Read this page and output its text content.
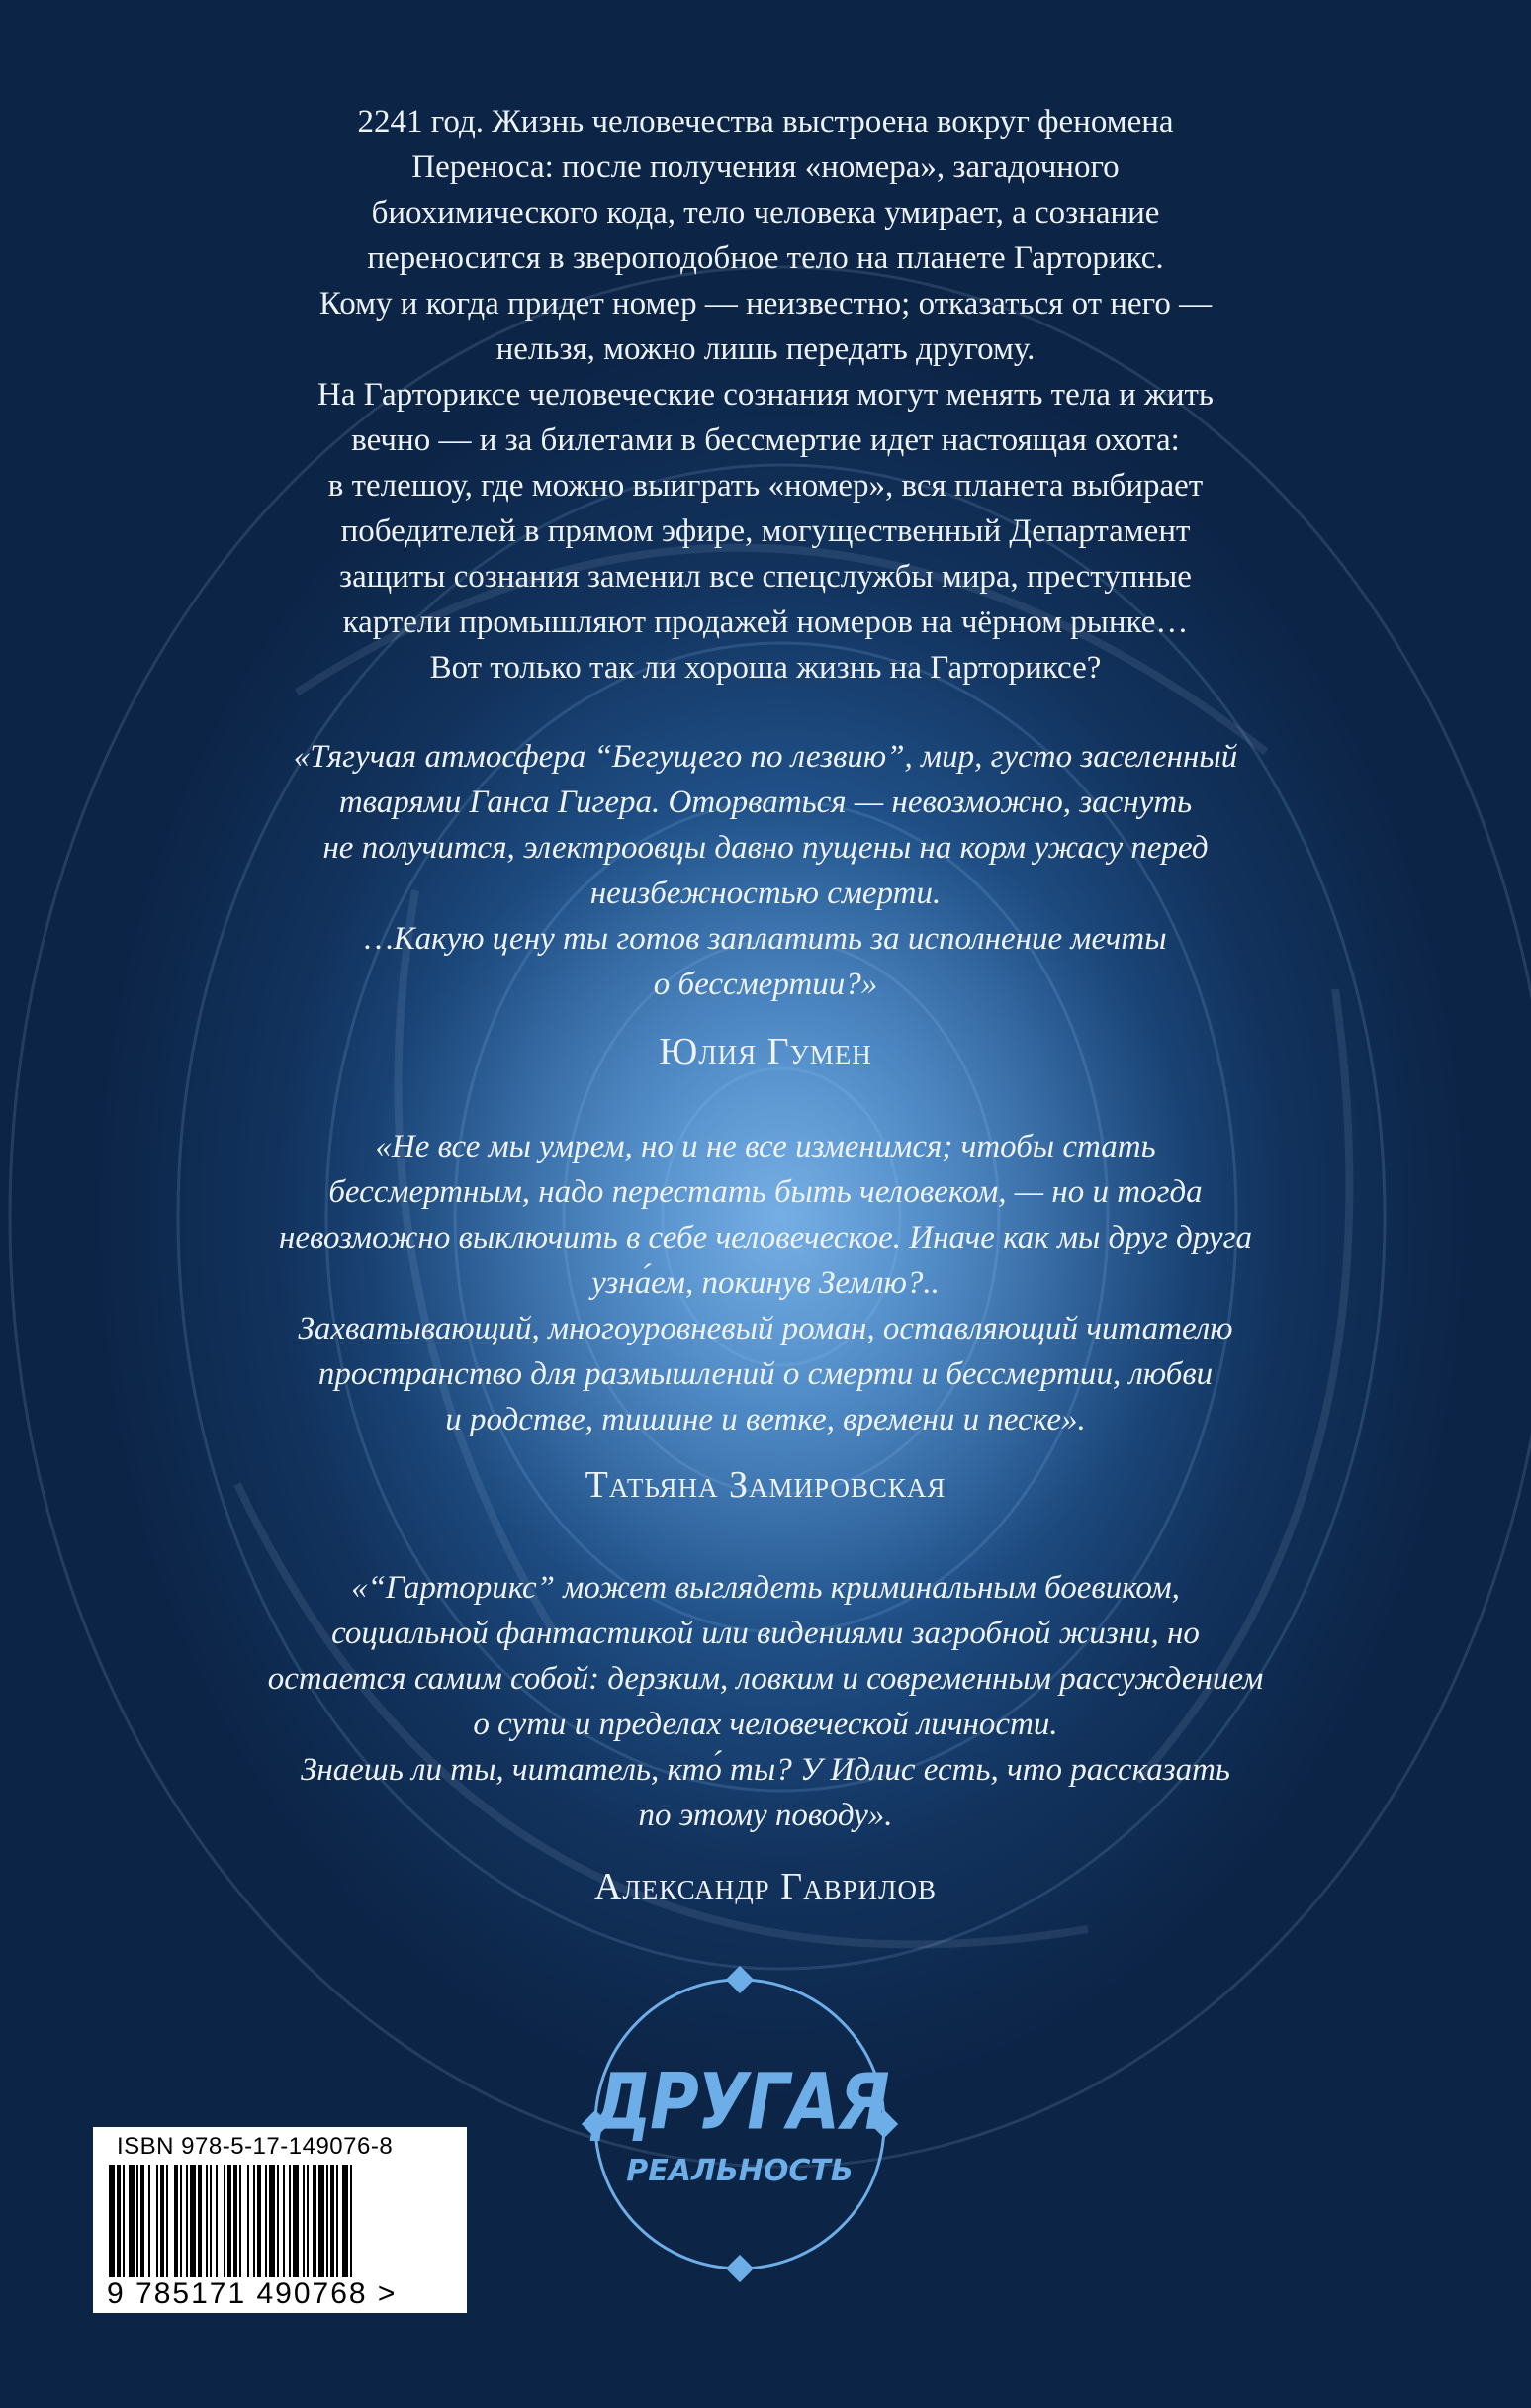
2241 год. Жизнь человечества выстроена вокруг феномена
Переноса: после получения «номера», загадочного
биохимического кода, тело человека умирает, а сознание
переносится в звероподобное тело на планете Гарторикс.
Кому и когда придет номер — неизвестно; отказаться от него —
нельзя, можно лишь передать другому.
На Гарториксе человеческие сознания могут менять тела и жить
вечно — и за билетами в бессмертие идет настоящая охота:
в телешоу, где можно выиграть «номер», вся планета выбирает
победителей в прямом эфире, могущественный Департамент
защиты сознания заменил все спецслужбы мира, преступные
картели промышляют продажей номеров на чёрном рынке…
Вот только так ли хороша жизнь на Гарториксе?

«Тягучая атмосфера “Бегущего по лезвию”, мир, густо заселенный
тварями Ганса Гигера. Оторваться — невозможно, заснуть
не получится, электроовцы давно пущены на корм ужасу перед
неизбежностью смерти.
…Какую цену ты готов заплатить за исполнение мечты
о бессмертии?»

Юлия Гумен

«Не все мы умрем, но и не все изменимся; чтобы стать
бессмертным, надо перестать быть человеком, — но и тогда
невозможно выключить в себе человеческое. Иначе как мы друг друга
узна́ем, покинув Землю?..
Захватывающий, многоуровневый роман, оставляющий читателю
пространство для размышлений о смерти и бессмертии, любви
и родстве, тишине и ветке, времени и песке».

Татьяна Замировская

«“Гарторикс” может выглядеть криминальным боевиком,
социальной фантастикой или видениями загробной жизни, но
остается самим собой: дерзким, ловким и современным рассуждением
о сути и пределах человеческой личности.
Знаешь ли ты, читатель, кто́ ты? У Идлис есть, что рассказать
по этому поводу».

Александр Гаврилов
ДРУГАЯ
РЕАЛЬНОСТЬ
ISBN 978-5-17-149076-8
9 785171 490768 >
